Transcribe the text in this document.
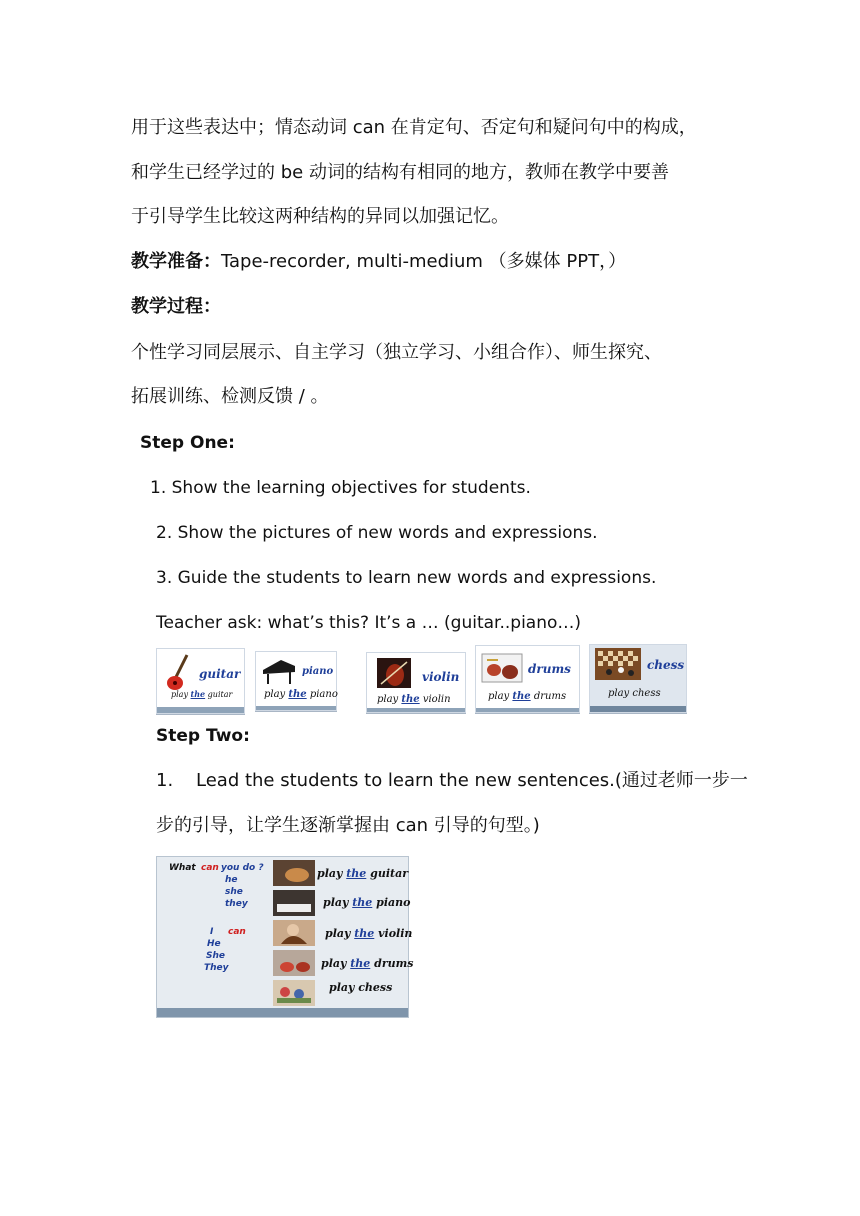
用于这些表达中；情态动词 can 在肯定句、否定句和疑问句中的构成，
和学生已经学过的 be 动词的结构有相同的地方，教师在教学中要善
于引导学生比较这两种结构的异同以加强记忆。
教学准备：Tape-recorder, multi-medium （多媒体 PPT，）
教学过程：
个性学习同层展示、自主学习（独立学习、小组合作）、师生探究、
拓展训练、检测反馈 / 。
Step One:
1. Show the learning objectives for students.
2. Show the pictures of new words and expressions.
3. Guide the students to learn new words and expressions.
Teacher ask: what’s this? It’s a … (guitar..piano…)
guitar
play the guitar
piano
play the piano
violin
play the violin
drums
play the drums
chess
play chess
Step Two:
1. Lead the students to learn the new sentences.(通过老师一步一
步的引导，让学生逐渐掌握由 can 引导的句型。)
What can you do ?
he
she
they
I can
He
She
They
play the guitar
play the piano
play the violin
play the drums
play chess
